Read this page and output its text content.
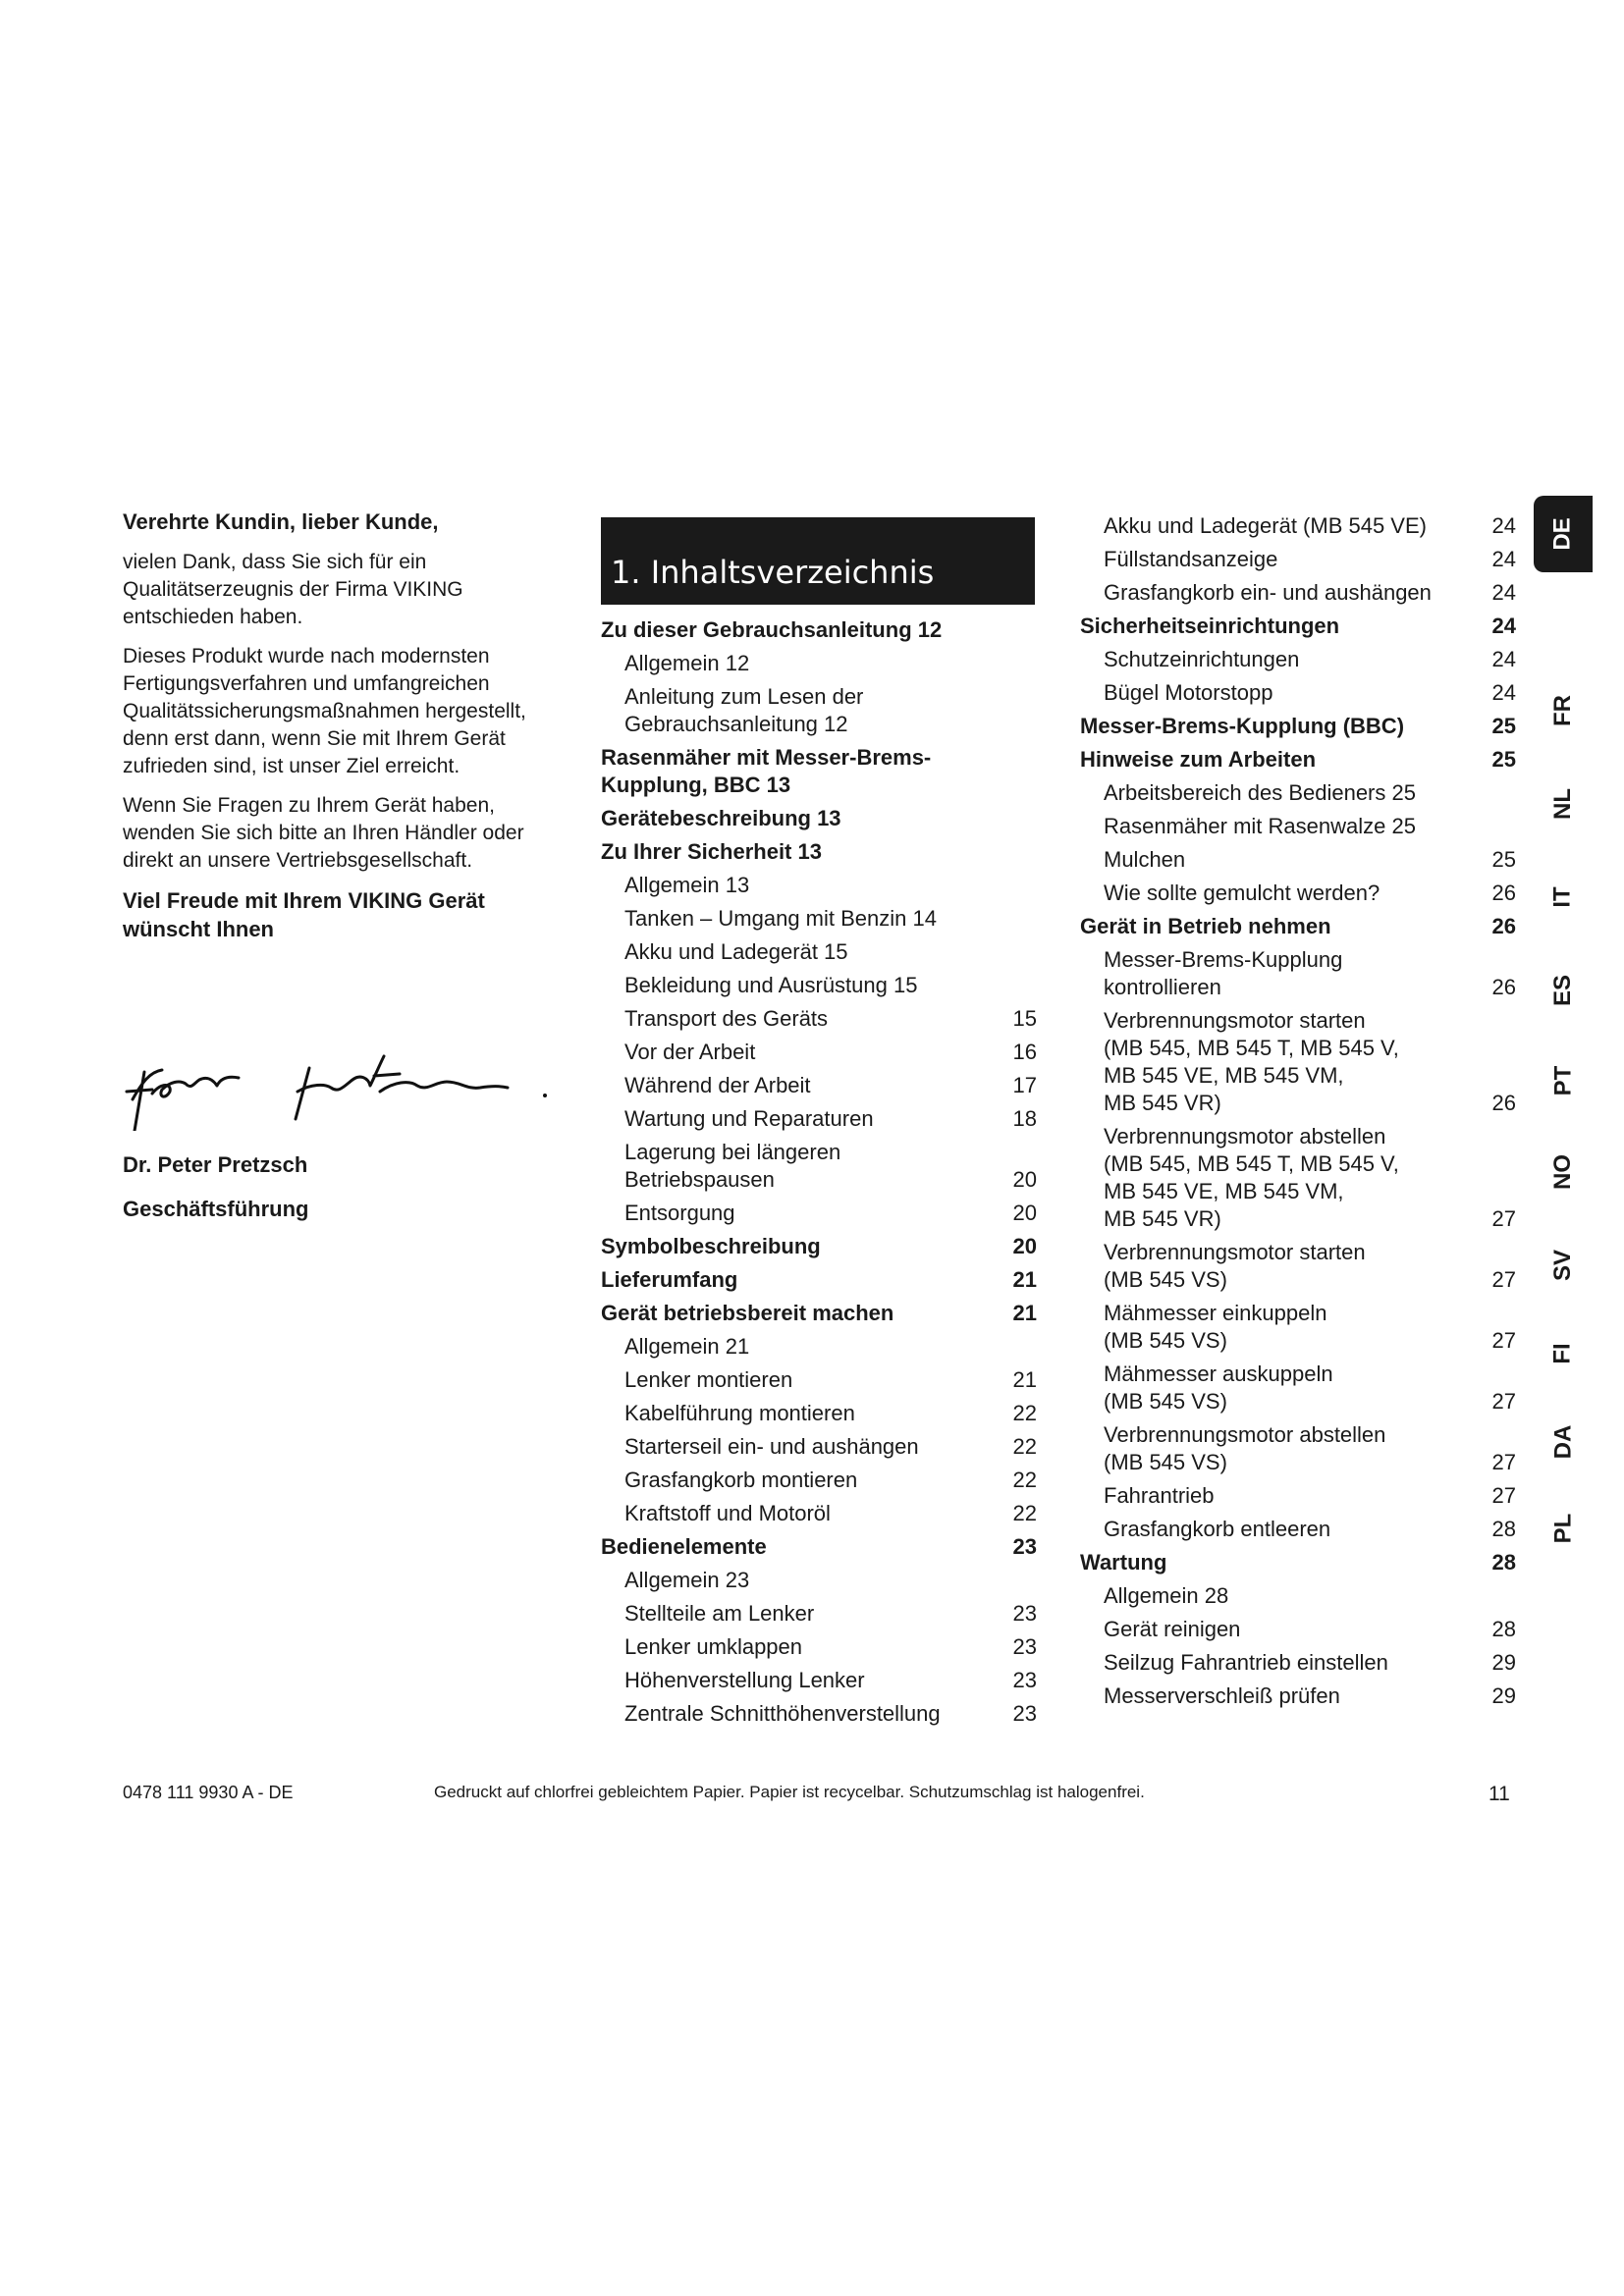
Verehrte Kundin, lieber Kunde,

vielen Dank, dass Sie sich für ein Qualitätserzeugnis der Firma VIKING entschieden haben.

Dieses Produkt wurde nach modernsten Fertigungsverfahren und umfangreichen Qualitätssicherungsmaßnahmen hergestellt, denn erst dann, wenn Sie mit Ihrem Gerät zufrieden sind, ist unser Ziel erreicht.

Wenn Sie Fragen zu Ihrem Gerät haben, wenden Sie sich bitte an Ihren Händler oder direkt an unsere Vertriebsgesellschaft.

Viel Freude mit Ihrem VIKING Gerät wünscht Ihnen
Dr. Peter Pretzsch
Geschäftsführung
1. Inhaltsverzeichnis
Zu dieser Gebrauchsanleitung 12
Allgemein 12
Anleitung zum Lesen der
Gebrauchsanleitung 12
Rasenmäher mit Messer-Brems-
Kupplung, BBC 13
Gerätebeschreibung 13
Zu Ihrer Sicherheit 13
Allgemein 13
Tanken – Umgang mit Benzin 14
Akku und Ladegerät 15
Bekleidung und Ausrüstung 15
Transport des Geräts	15
Vor der Arbeit	16
Während der Arbeit	17
Wartung und Reparaturen	18
Lagerung bei längeren
Betriebspausen	20
Entsorgung	20
Symbolbeschreibung	20
Lieferumfang	21
Gerät betriebsbereit machen	21
Allgemein 21
Lenker montieren	21
Kabelführung montieren	22
Starterseil ein- und aushängen	22
Grasfangkorb montieren	22
Kraftstoff und Motoröl	22
Bedienelemente	23
Allgemein 23
Stellteile am Lenker	23
Lenker umklappen	23
Höhenverstellung Lenker	23
Zentrale Schnitthöhenverstellung	23
Akku und Ladegerät (MB 545 VE)	24
Füllstandsanzeige	24
Grasfangkorb ein- und aushängen	24
Sicherheitseinrichtungen	24
Schutzeinrichtungen	24
Bügel Motorstopp	24
Messer-Brems-Kupplung (BBC)	25
Hinweise zum Arbeiten	25
Arbeitsbereich des Bedieners 25
Rasenmäher mit Rasenwalze 25
Mulchen	25
Wie sollte gemulcht werden?	26
Gerät in Betrieb nehmen	26
Messer-Brems-Kupplung
kontrollieren	26
Verbrennungsmotor starten
(MB 545, MB 545 T, MB 545 V,
MB 545 VE, MB 545 VM,
MB 545 VR)	26
Verbrennungsmotor abstellen
(MB 545, MB 545 T, MB 545 V,
MB 545 VE, MB 545 VM,
MB 545 VR)	27
Verbrennungsmotor starten
(MB 545 VS)	27
Mähmesser einkuppeln
(MB 545 VS)	27
Mähmesser auskuppeln
(MB 545 VS)	27
Verbrennungsmotor abstellen
(MB 545 VS)	27
Fahrantrieb	27
Grasfangkorb entleeren	28
Wartung	28
Allgemein 28
Gerät reinigen	28
Seilzug Fahrantrieb einstellen	29
Messerverschleiß prüfen	29
DE
FR
NL
IT
ES
PT
NO
SV
FI
DA
PL
0478 111 9930 A - DE	Gedruckt auf chlorfrei gebleichtem Papier. Papier ist recycelbar. Schutzumschlag ist halogenfrei.	11
